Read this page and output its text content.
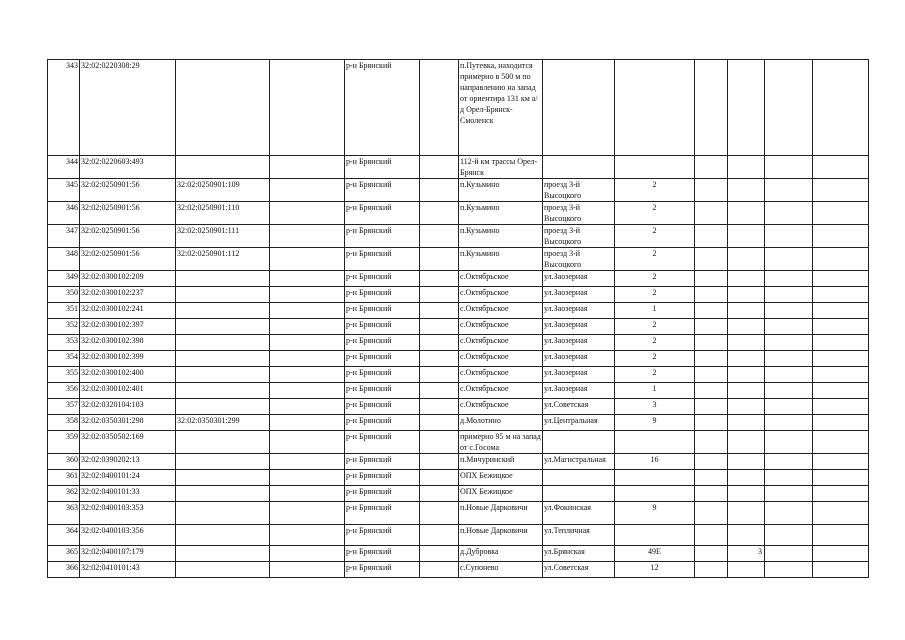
343	32:02:0220308:29			р-н Брянский		п.Путевка, находится примерно в 500 м по направлению на запад от ориентира 131 км а/д Орел-Брянск-Смоленск						
344	32:02:0220603:493			р-н Брянский		112-й км трассы Орел-Брянск						
345	32:02:0250901:56	32:02:0250901:109		р-н Брянский		п.Кузьмино	проезд 3-й Высоцкого	2				
346	32:02:0250901:56	32:02:0250901:110		р-н Брянский		п.Кузьмино	проезд 3-й Высоцкого	2				
347	32:02:0250901:56	32:02:0250901:111		р-н Брянский		п.Кузьмино	проезд 3-й Высоцкого	2				
348	32:02:0250901:56	32:02:0250901:112		р-н Брянский		п.Кузьмино	проезд 3-й Высоцкого	2				
349	32:02:0300102:209			р-н Брянский		с.Октябрьское	ул.Заозерная	2				
350	32:02:0300102:237			р-н Брянский		с.Октябрьское	ул.Заозерная	2				
351	32:02:0300102:241			р-н Брянский		с.Октябрьское	ул.Заозерная	1				
352	32:02:0300102:397			р-н Брянский		с.Октябрьское	ул.Заозерная	2				
353	32:02:0300102:398			р-н Брянский		с.Октябрьское	ул.Заозерная	2				
354	32:02:0300102:399			р-н Брянский		с.Октябрьское	ул.Заозерная	2				
355	32:02:0300102:400			р-н Брянский		с.Октябрьское	ул.Заозерная	2				
356	32:02:0300102:401			р-н Брянский		с.Октябрьское	ул.Заозерная	1				
357	32:02:0320104:103			р-н Брянский		с.Октябрьское	ул.Советская	3				
358	32:02:0350301:298	32:02:0350301:299		р-н Брянский		д.Молотино	ул.Центральная	9				
359	32:02:0350502:169			р-н Брянский		примерно 95 м на запад от с.Госома						
360	32:02:0390202:13			р-н Брянский		п.Мичуринский	ул.Магистральная	16				
361	32:02:0400101:24			р-н Брянский		ОПХ Бежицкое						
362	32:02:0400101:33			р-н Брянский		ОПХ Бежицкое						
363	32:02:0400103:353			р-н Брянский		п.Новые Дарковичи	ул.Фокинская	9				
364	32:02:0400103:356			р-н Брянский		п.Новые Дарковичи	ул.Тепличная					
365	32:02:0400107:179			р-н Брянский		д.Дубровка	ул.Брянская	49Е		3		
366	32:02:0410101:43			р-н Брянский		с.Супонево	ул.Советская	12				
